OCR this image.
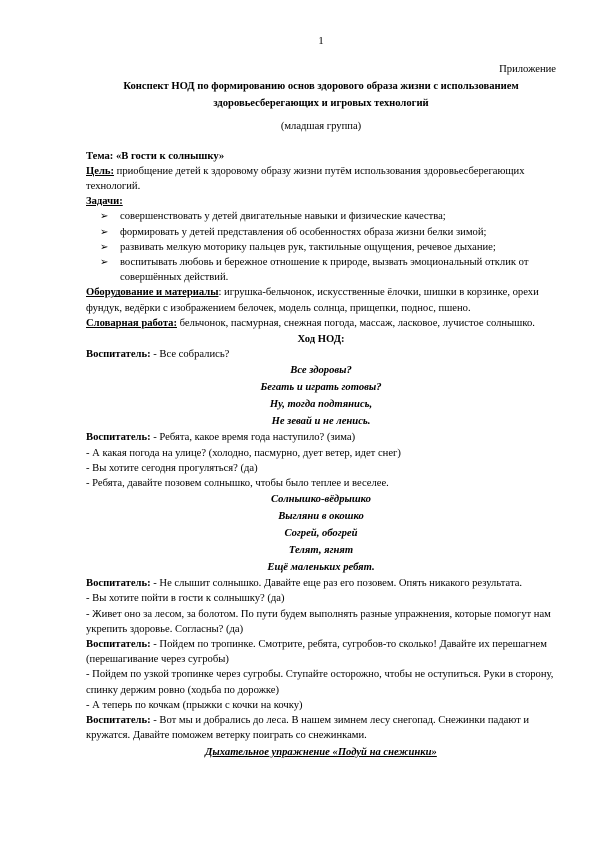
1
Приложение
Конспект НОД по формированию основ здорового образа жизни с использованием
здоровьесберегающих и игровых технологий
(младшая группа)

Тема: «В гости к солнышку»

Цель: приобщение детей к здоровому образу жизни путём использования здоровьесберегающих технологий.

Задачи:

➢ совершенствовать у детей двигательные навыки и физические качества;
➢ формировать у детей представления об особенностях образа жизни белки зимой;
➢ развивать мелкую моторику пальцев рук, тактильные ощущения, речевое дыхание;
➢ воспитывать любовь и бережное отношение к природе, вызвать эмоциональный отклик от совершённых действий.

Оборудование и материалы: игрушка-бельчонок, искусственные ёлочки, шишки в корзинке, орехи фундук, ведёрки с изображением белочек, модель солнца, прищепки, поднос, пшено.

Словарная работа: бельчонок, пасмурная, снежная погода, массаж, ласковое, лучистое солнышко.

Ход НОД:

Воспитатель: - Все собрались?

Все здоровы?
Бегать и играть готовы?
Ну, тогда подтянись,
Не зевай и не ленись.

Воспитатель: - Ребята, какое время года наступило? (зима)

- А какая погода на улице? (холодно, пасмурно, дует ветер, идет снег)

- Вы хотите сегодня прогуляться? (да)

- Ребята, давайте позовем солнышко, чтобы было теплее и веселее.

Солнышко-вёдрышко
Выгляни в окошко
Согрей, обогрей
Телят, ягнят
Ещё маленьких ребят.

Воспитатель: - Не слышит солнышко. Давайте еще раз его позовем. Опять никакого результата.

- Вы хотите пойти в гости к солнышку? (да)

- Живет оно за лесом, за болотом. По пути будем выполнять разные упражнения, которые помогут нам укрепить здоровье. Согласны? (да)

Воспитатель: - Пойдем по тропинке. Смотрите, ребята, сугробов-то сколько! Давайте их перешагнем (перешагивание через сугробы)

- Пойдем по узкой тропинке через сугробы. Ступайте осторожно, чтобы не оступиться. Руки в сторону, спинку держим ровно (ходьба по дорожке)

- А теперь по кочкам (прыжки с кочки на кочку)

Воспитатель: - Вот мы и добрались до леса. В нашем зимнем лесу снегопад. Снежинки падают и кружатся. Давайте поможем ветерку поиграть со снежинками.

Дыхательное упражнение «Подуй на снежинки»
